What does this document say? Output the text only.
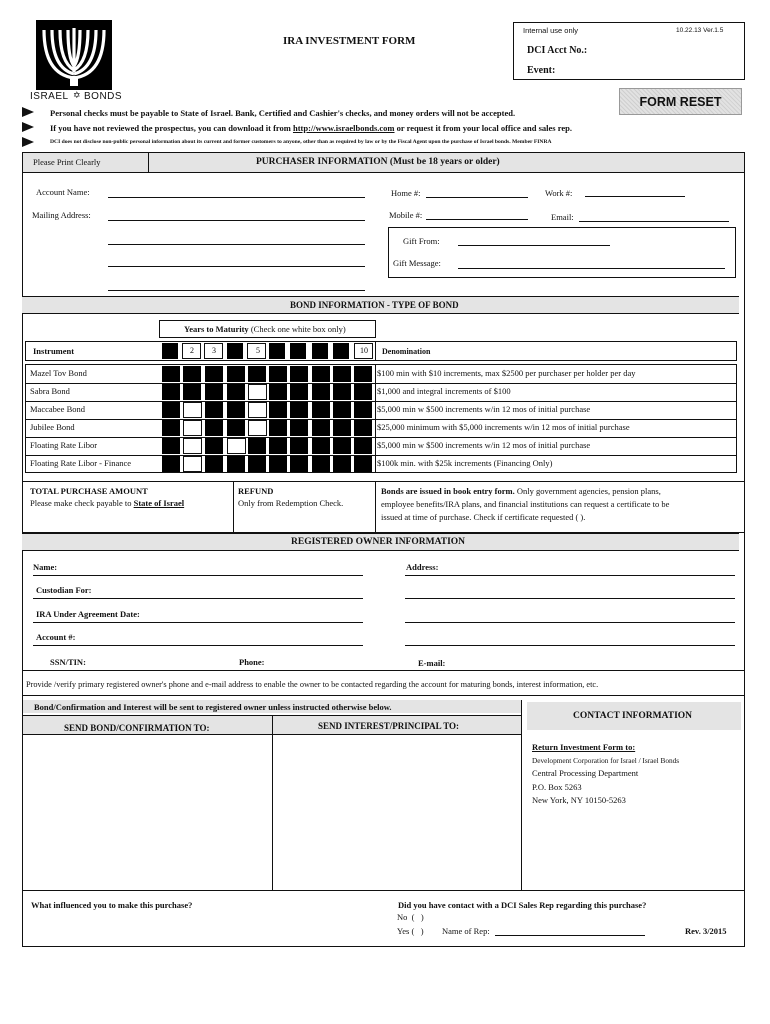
Internal use only	10.22.13 Ver.1.5
DCI Acct No.:
Event:
ISRAEL ✡ BONDS
IRA INVESTMENT FORM
FORM RESET
Personal checks must be payable to State of Israel. Bank, Certified and Cashier's checks, and money orders will not be accepted.
If you have not reviewed the prospectus, you can download it from http://www.israelbonds.com or request it from your local office and sales rep.
DCI does not disclose non-public personal information about its current and former customers to anyone, other than as required by law or by the Fiscal Agent upon the purchase of Israel bonds. Member FINRA
Please Print Clearly	PURCHASER INFORMATION (Must be 18 years or older)
Account Name:	Home #:	Work #:
Mailing Address:	Mobile #:	Email:
Gift From:
Gift Message:
BOND INFORMATION - TYPE OF BOND
Years to Maturity (Check one white box only)
Instrument	Denomination
2 3	5	10
Mazel Tov Bond	$100 min with $10 increments, max $2500 per purchaser per holder per day
Sabra Bond	$1,000 and integral increments of $100
Maccabee Bond	$5,000 min w $500 increments w/in 12 mos of initial purchase
Jubilee Bond	$25,000 minimum with $5,000 increments w/in 12 mos of initial purchase
Floating Rate Libor	$5,000 min w $500 increments w/in 12 mos of initial purchase
Floating Rate Libor - Finance	$100k min. with $25k increments (Financing Only)
TOTAL PURCHASE AMOUNT
Please make check payable to State of Israel
REFUND
Only from Redemption Check.
Bonds are issued in book entry form. Only government agencies, pension plans,
employee benefits/IRA plans, and financial institutions can request a certificate to be
issued at time of purchase. Check if certificate requested ( ).
REGISTERED OWNER INFORMATION
Name:	Address:
Custodian For:
IRA Under Agreement Date:
Account #:
SSN/TIN:	Phone:	E-mail:
Provide /verify primary registered owner's phone and e-mail address to enable the owner to be contacted regarding the account for maturing bonds, interest information, etc.
Bond/Confirmation and Interest will be sent to registered owner unless instructed otherwise below.
SEND BOND/CONFIRMATION TO:	SEND INTEREST/PRINCIPAL TO:
CONTACT INFORMATION
Return Investment Form to:
Development Corporation for Israel / Israel Bonds
Central Processing Department
P.O. Box 5263
New York, NY 10150-5263
What influenced you to make this purchase?	Did you have contact with a DCI Sales Rep regarding this purchase?
No  (   )
Yes (   ) Name of Rep:	Rev. 3/2015
